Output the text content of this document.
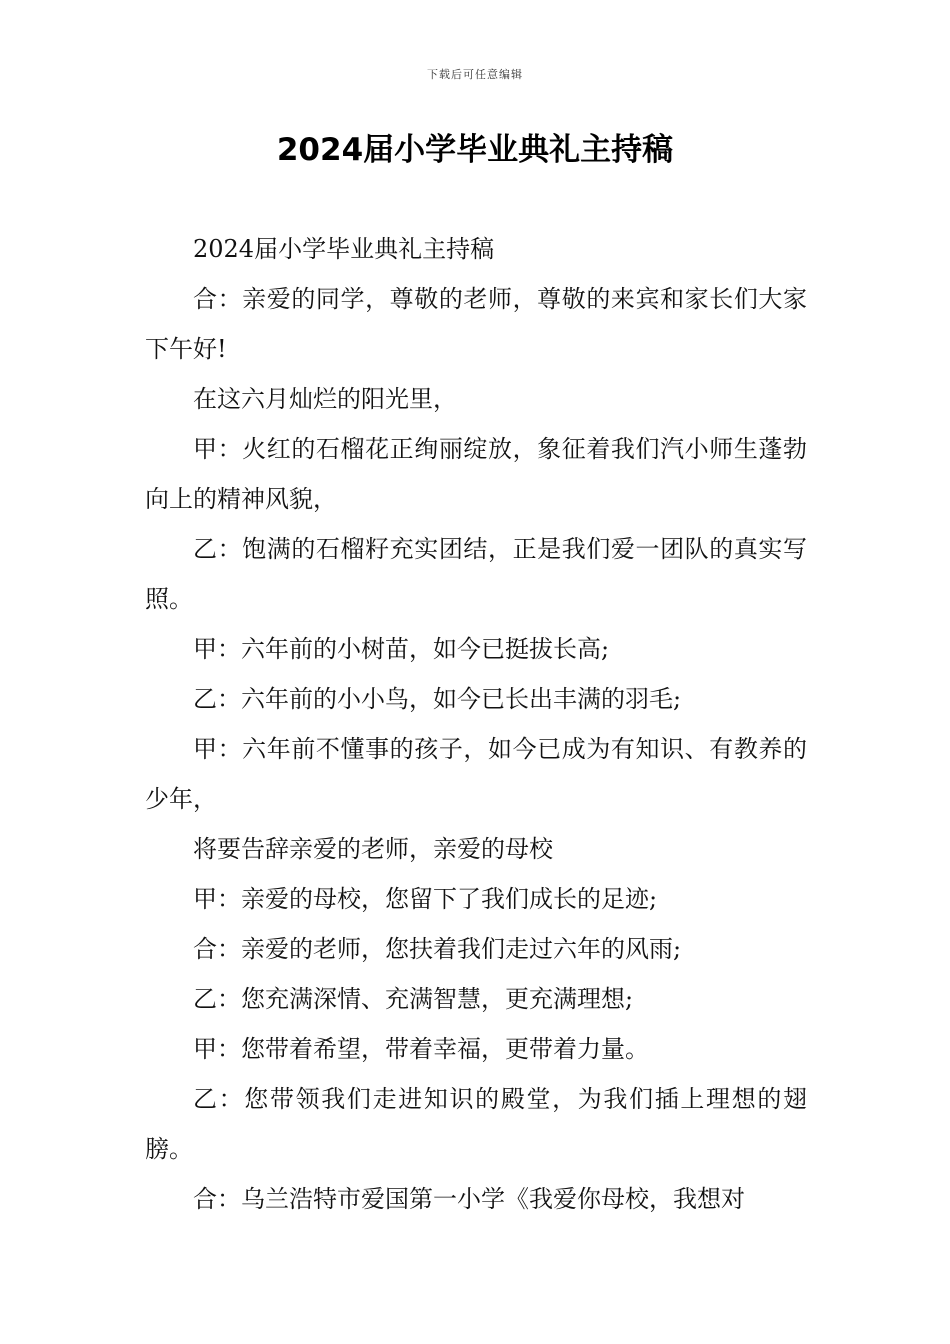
下载后可任意编辑
2024届小学毕业典礼主持稿

2024届小学毕业典礼主持稿

合：亲爱的同学，尊敬的老师，尊敬的来宾和家长们大家下午好!

在这六月灿烂的阳光里，

甲：火红的石榴花正绚丽绽放，象征着我们汽小师生蓬勃向上的精神风貌，

乙：饱满的石榴籽充实团结，正是我们爱一团队的真实写照。

甲：六年前的小树苗，如今已挺拔长高;

乙：六年前的小小鸟，如今已长出丰满的羽毛;

甲：六年前不懂事的孩子，如今已成为有知识、有教养的少年，

将要告辞亲爱的老师，亲爱的母校

甲：亲爱的母校，您留下了我们成长的足迹;

合：亲爱的老师，您扶着我们走过六年的风雨;

乙：您充满深情、充满智慧，更充满理想;

甲：您带着希望，带着幸福，更带着力量。

乙：您带领我们走进知识的殿堂，为我们插上理想的翅膀。

合：乌兰浩特市爱国第一小学《我爱你母校，我想对
